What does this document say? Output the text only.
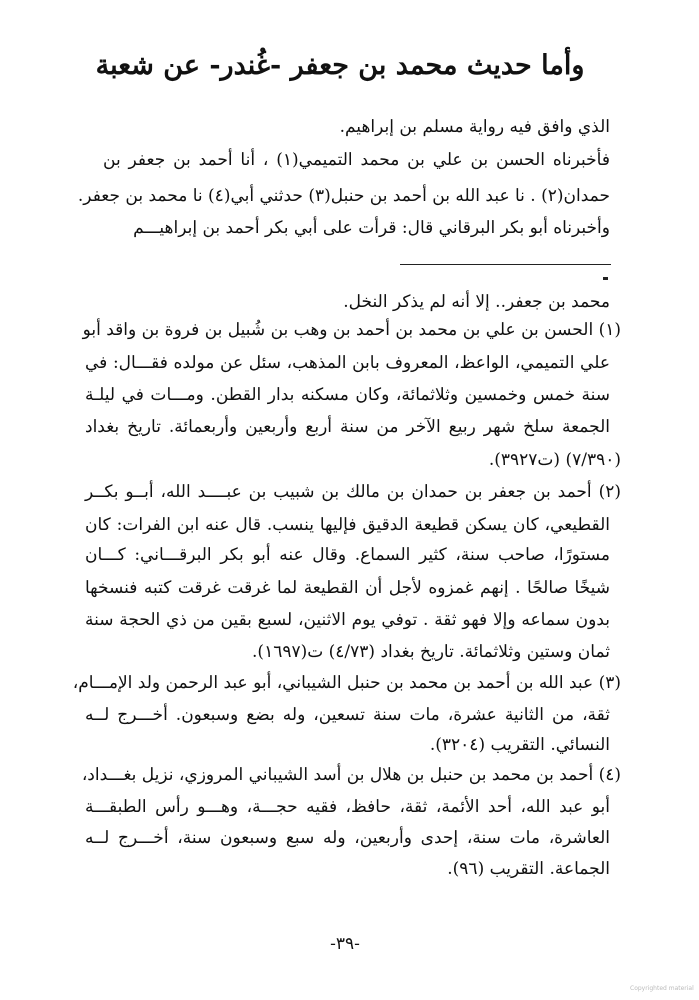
وأما حديث محمد بن جعفر -غُندر- عن شعبة
الذي وافق فيه رواية مسلم بن إبراهيم.
فأخبرناه الحسن بن علي بن محمد التميمي(١) ، أنا أحمد بن جعفر بن
حمدان(٢) . نا عبد الله بن أحمد بن حنبل(٣) حدثني أبي(٤) نا محمد بن جعفر.
وأخبرناه أبو بكر البرقاني قال: قرأت على أبي بكر أحمد بن إبراهيـــم
محمد بن جعفر.. إلا أنه لم يذكر النخل.
(١) الحسن بن علي بن محمد بن أحمد بن وهب بن شُبيل بن فروة بن واقد أبو
علي التميمي، الواعظ، المعروف بابن المذهب، سئل عن مولده فقـــال: في
سنة خمس وخمسين وثلاثمائة، وكان مسكنه بدار القطن. ومـــات في ليلـة
الجمعة سلخ شهر ربيع الآخر من سنة أربع وأربعين وأربعمائة. تاريخ بغداد
(٧/٣٩٠) (ت٣٩٢٧).
(٢) أحمد بن جعفر بن حمدان بن مالك بن شبيب بن عبــــد الله، أبــو بكــر
القطيعي، كان يسكن قطيعة الدقيق فإليها ينسب. قال عنه ابن الفرات: كان
مستورًا، صاحب سنة، كثير السماع. وقال عنه أبو بكر البرقـــاني: كـــان
شيخًا صالحًا . إنهم غمزوه لأجل أن القطيعة لما غرقت غرقت كتبه فنسخها
بدون سماعه وإلا فهو ثقة . توفي يوم الاثنين، لسبع بقين من ذي الحجة سنة
ثمان وستين وثلاثمائة. تاريخ بغداد (٤/٧٣) ت(١٦٩٧).
(٣) عبد الله بن أحمد بن محمد بن حنبل الشيباني، أبو عبد الرحمن ولد الإمـــام،
ثقة، من الثانية عشرة، مات سنة تسعين، وله بضع وسبعون. أخـــرج لــه
النسائي. التقريب (٣٢٠٤).
(٤) أحمد بن محمد بن حنبل بن هلال بن أسد الشيباني المروزي، نزيل بغـــداد،
أبو عبد الله، أحد الأئمة، ثقة، حافظ، فقيه حجـــة، وهـــو رأس الطبقـــة
العاشرة، مات سنة، إحدى وأربعين، وله سبع وسبعون سنة، أخـــرج لــه
الجماعة. التقريب (٩٦).
-٣٩-
Copyrighted material
